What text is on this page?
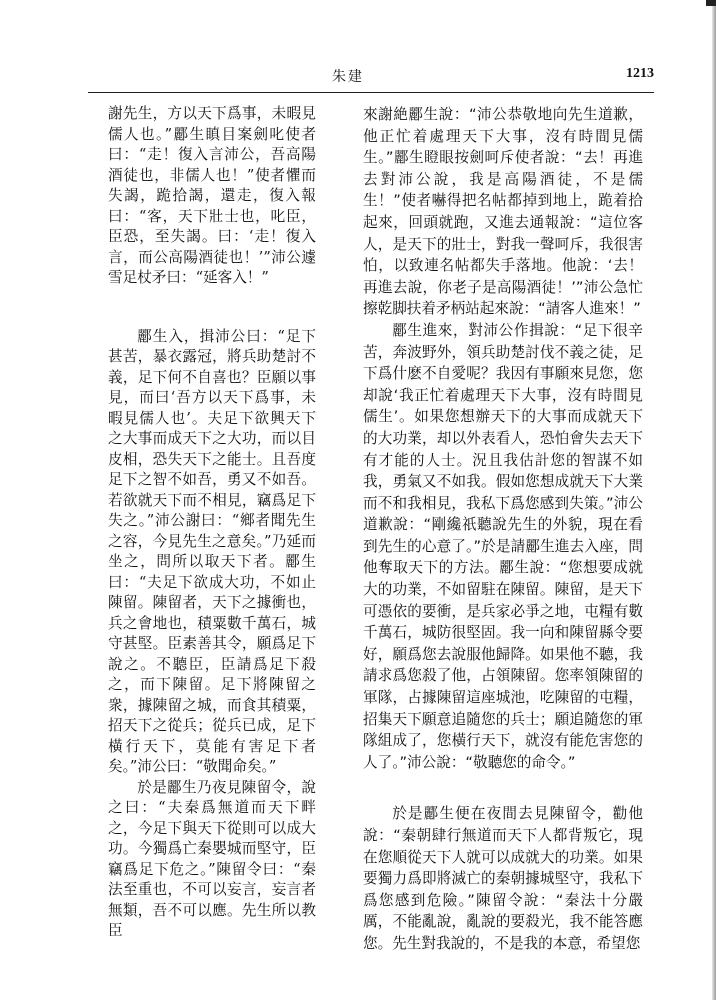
朱建	1213

謝先生，方以天下爲事，未暇見儒人也。”酈生瞋目案劍叱使者曰：“走！復入言沛公，吾高陽酒徒也，非儒人也！”使者懼而失謁，跪拾謁，還走，復入報曰：“客，天下壯士也，叱臣，臣恐，至失謁。曰：‘走！復入言，而公高陽酒徒也！’”沛公遽雪足杖矛曰：“延客入！”

酈生入，揖沛公曰：“足下甚苦，暴衣露冠，將兵助楚討不義，足下何不自喜也？臣願以事見，而曰‘吾方以天下爲事，未暇見儒人也’。夫足下欲興天下之大事而成天下之大功，而以目皮相，恐失天下之能士。且吾度足下之智不如吾，勇又不如吾。若欲就天下而不相見，竊爲足下失之。”沛公謝曰：“鄉者聞先生之容，今見先生之意矣。”乃延而坐之，問所以取天下者。酈生曰：“夫足下欲成大功，不如止陳留。陳留者，天下之據衝也，兵之會地也，積粟數千萬石，城守甚堅。臣素善其令，願爲足下說之。不聽臣，臣請爲足下殺之，而下陳留。足下將陳留之衆，據陳留之城，而食其積粟，招天下之從兵；從兵已成，足下橫行天下，莫能有害足下者矣。”沛公曰：“敬聞命矣。”

於是酈生乃夜見陳留令，說之曰：“夫秦爲無道而天下畔之，今足下與天下從則可以成大功。今獨爲亡秦嬰城而堅守，臣竊爲足下危之。”陳留令曰：“秦法至重也，不可以妄言，妄言者無類，吾不可以應。先生所以教臣

來謝絶酈生說：“沛公恭敬地向先生道歉，他正忙着處理天下大事，沒有時間見儒生。”酈生瞪眼按劍呵斥使者說：“去！再進去對沛公說，我是高陽酒徒，不是儒生！”使者嚇得把名帖都掉到地上，跪着拾起來，回頭就跑，又進去通報說：“這位客人，是天下的壯士，對我一聲呵斥，我很害怕，以致連名帖都失手落地。他說：‘去！再進去說，你老子是高陽酒徒！’”沛公急忙擦乾脚扶着矛柄站起來說：“請客人進來！”

酈生進來，對沛公作揖說：“足下很辛苦，奔波野外，領兵助楚討伐不義之徒，足下爲什麽不自愛呢？我因有事願來見您，您却說‘我正忙着處理天下大事，沒有時間見儒生’。如果您想辦天下的大事而成就天下的大功業，却以外表看人，恐怕會失去天下有才能的人士。況且我估計您的智謀不如我，勇氣又不如我。假如您想成就天下大業而不和我相見，我私下爲您感到失策。”沛公道歉說：“剛纔祇聽說先生的外貌，現在看到先生的心意了。”於是請酈生進去入座，問他奪取天下的方法。酈生說：“您想要成就大的功業，不如留駐在陳留。陳留，是天下可憑依的要衝，是兵家必爭之地，屯糧有數千萬石，城防很堅固。我一向和陳留縣令要好，願爲您去說服他歸降。如果他不聽，我請求爲您殺了他，占領陳留。您率領陳留的軍隊，占據陳留這座城池，吃陳留的屯糧，招集天下願意追隨您的兵士；願追隨您的軍隊組成了，您橫行天下，就沒有能危害您的人了。”沛公說：“敬聽您的命令。”

於是酈生便在夜間去見陳留令，勸他說：“秦朝肆行無道而天下人都背叛它，現在您順從天下人就可以成就大的功業。如果要獨力爲即將滅亡的秦朝據城堅守，我私下爲您感到危險。”陳留令說：“秦法十分嚴厲，不能亂說，亂說的要殺光，我不能答應您。先生對我說的，不是我的本意，希望您
